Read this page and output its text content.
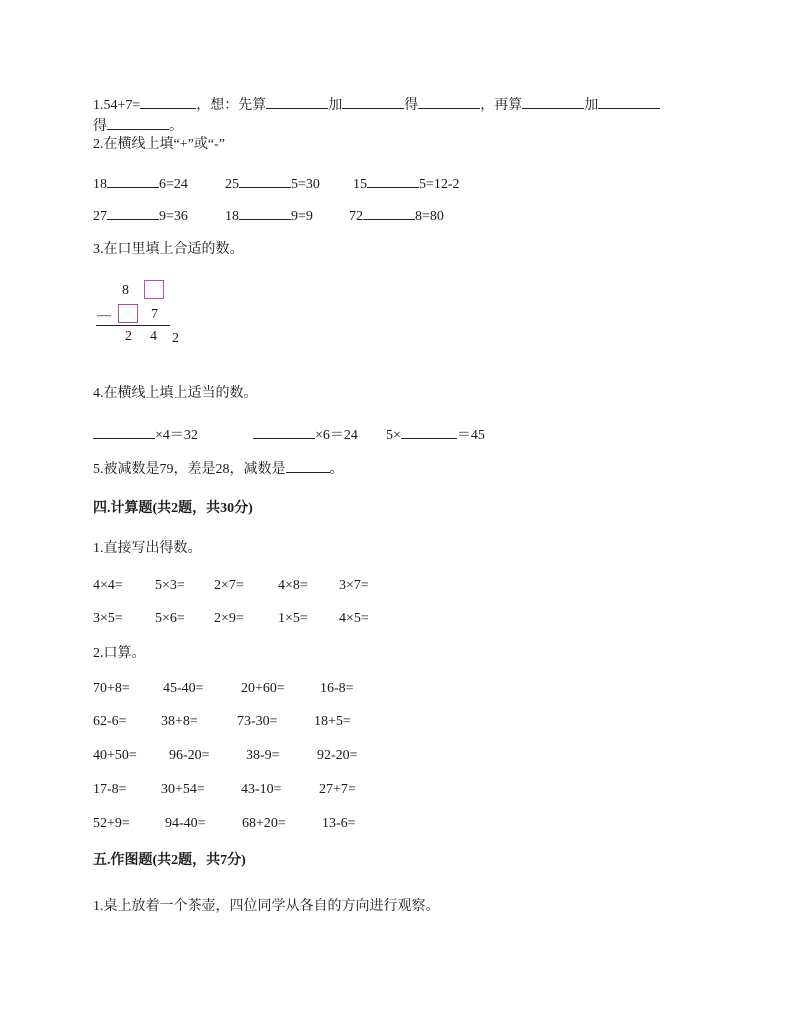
1.54+7=	，想：先算	加	得	，再算	加
得	。
2.在横线上填“+”或“-”
18	6=24	25	5=30 15	5=12-2
27	9=36	18	9=9	72	8=80
3.在口里填上合适的数。
8
—	7
2 4 2
4.在横线上填上适当的数。
×4＝32	×6＝24 5×	＝45
5.被减数是79，差是28，减数是	。
四.计算题(共2题，共30分)
1.直接写出得数。
4×4= 5×3= 2×7= 4×8= 3×7=
3×5= 5×6= 2×9= 1×5= 4×5=
2.口算。
70+8= 45-40=	20+60=	16-8=
62-6= 38+8=	73-30=	18+5=
40+50= 96-20=	38-9=	92-20=
17-8= 30+54=	43-10=	27+7=
52+9=	94-40=	68+20=	13-6=
五.作图题(共2题，共7分)
1.桌上放着一个茶壶，四位同学从各自的方向进行观察。
